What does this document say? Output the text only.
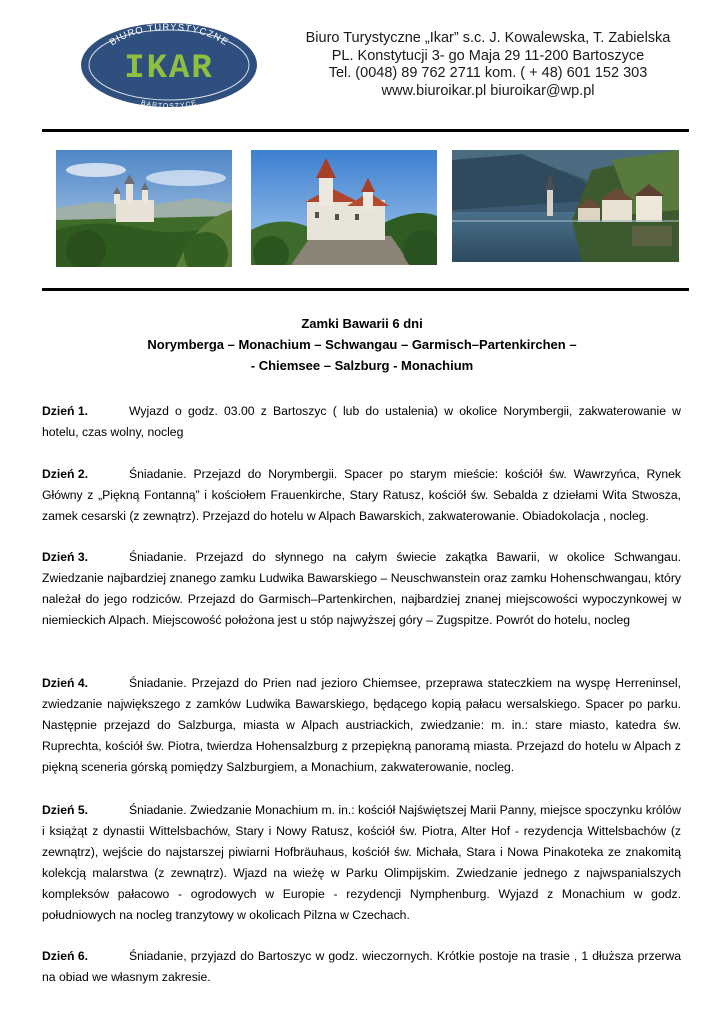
BIURO TURYSTYCZNE
IKAR
BARTOSZYCE
Biuro Turystyczne „Ikar” s.c. J. Kowalewska, T. Zabielska
PL. Konstytucji 3- go Maja 29 11-200 Bartoszyce
Tel. (0048) 89 762 2711 kom. ( + 48) 601 152 303
www.biuroikar.pl biuroikar@wp.pl
Zamki Bawarii 6 dni
Norymberga – Monachium – Schwangau – Garmisch–Partenkirchen –
- Chiemsee – Salzburg - Monachium
Dzień 1.	Wyjazd o godz. 03.00 z Bartoszyc ( lub do ustalenia) w okolice Norymbergii, zakwaterowanie w hotelu, czas wolny, nocleg
Dzień 2.	Śniadanie. Przejazd do Norymbergii. Spacer po starym mieście: kościół św. Wawrzyńca, Rynek Główny z „Piękną Fontanną” i kościołem Frauenkirche, Stary Ratusz, kościół św. Sebalda z dziełami Wita Stwosza, zamek cesarski (z zewnątrz). Przejazd do hotelu w Alpach Bawarskich, zakwaterowanie. Obiadokolacja , nocleg.
Dzień 3.	Śniadanie. Przejazd do słynnego na całym świecie zakątka Bawarii, w okolice Schwangau. Zwiedzanie najbardziej znanego zamku Ludwika Bawarskiego – Neuschwanstein oraz zamku Hohenschwangau, który należał do jego rodziców. Przejazd do Garmisch–Partenkirchen, najbardziej znanej miejscowości wypoczynkowej w niemieckich Alpach. Miejscowość położona jest u stóp najwyższej góry – Zugspitze. Powrót do hotelu, nocleg
Dzień 4.	Śniadanie. Przejazd do Prien nad jezioro Chiemsee, przeprawa stateczkiem na wyspę Herreninsel, zwiedzanie największego z zamków Ludwika Bawarskiego, będącego kopią pałacu wersalskiego. Spacer po parku. Następnie przejazd do Salzburga, miasta w Alpach austriackich, zwiedzanie: m. in.: stare miasto, katedra św. Ruprechta, kościół św. Piotra, twierdza Hohensalzburg z przepiękną panoramą miasta. Przejazd do hotelu w Alpach z piękną sceneria górską pomiędzy Salzburgiem, a Monachium, zakwaterowanie, nocleg.
Dzień 5.	Śniadanie. Zwiedzanie Monachium m. in.: kościół Najświętszej Marii Panny, miejsce spoczynku królów i książąt z dynastii Wittelsbachów, Stary i Nowy Ratusz, kościół św. Piotra, Alter Hof - rezydencja Wittelsbachów (z zewnątrz), wejście do najstarszej piwiarni Hofbräuhaus, kościół św. Michała, Stara i Nowa Pinakoteka ze znakomitą kolekcją malarstwa (z zewnątrz). Wjazd na wieżę w Parku Olimpijskim. Zwiedzanie jednego z najwspanialszych kompleksów pałacowo - ogrodowych w Europie - rezydencji Nymphenburg. Wyjazd z Monachium w godz. południowych na nocleg tranzytowy w okolicach Pilzna w Czechach.
Dzień 6.	Śniadanie, przyjazd do Bartoszyc w godz. wieczornych. Krótkie postoje na trasie , 1 dłuższa przerwa na obiad we własnym zakresie.
